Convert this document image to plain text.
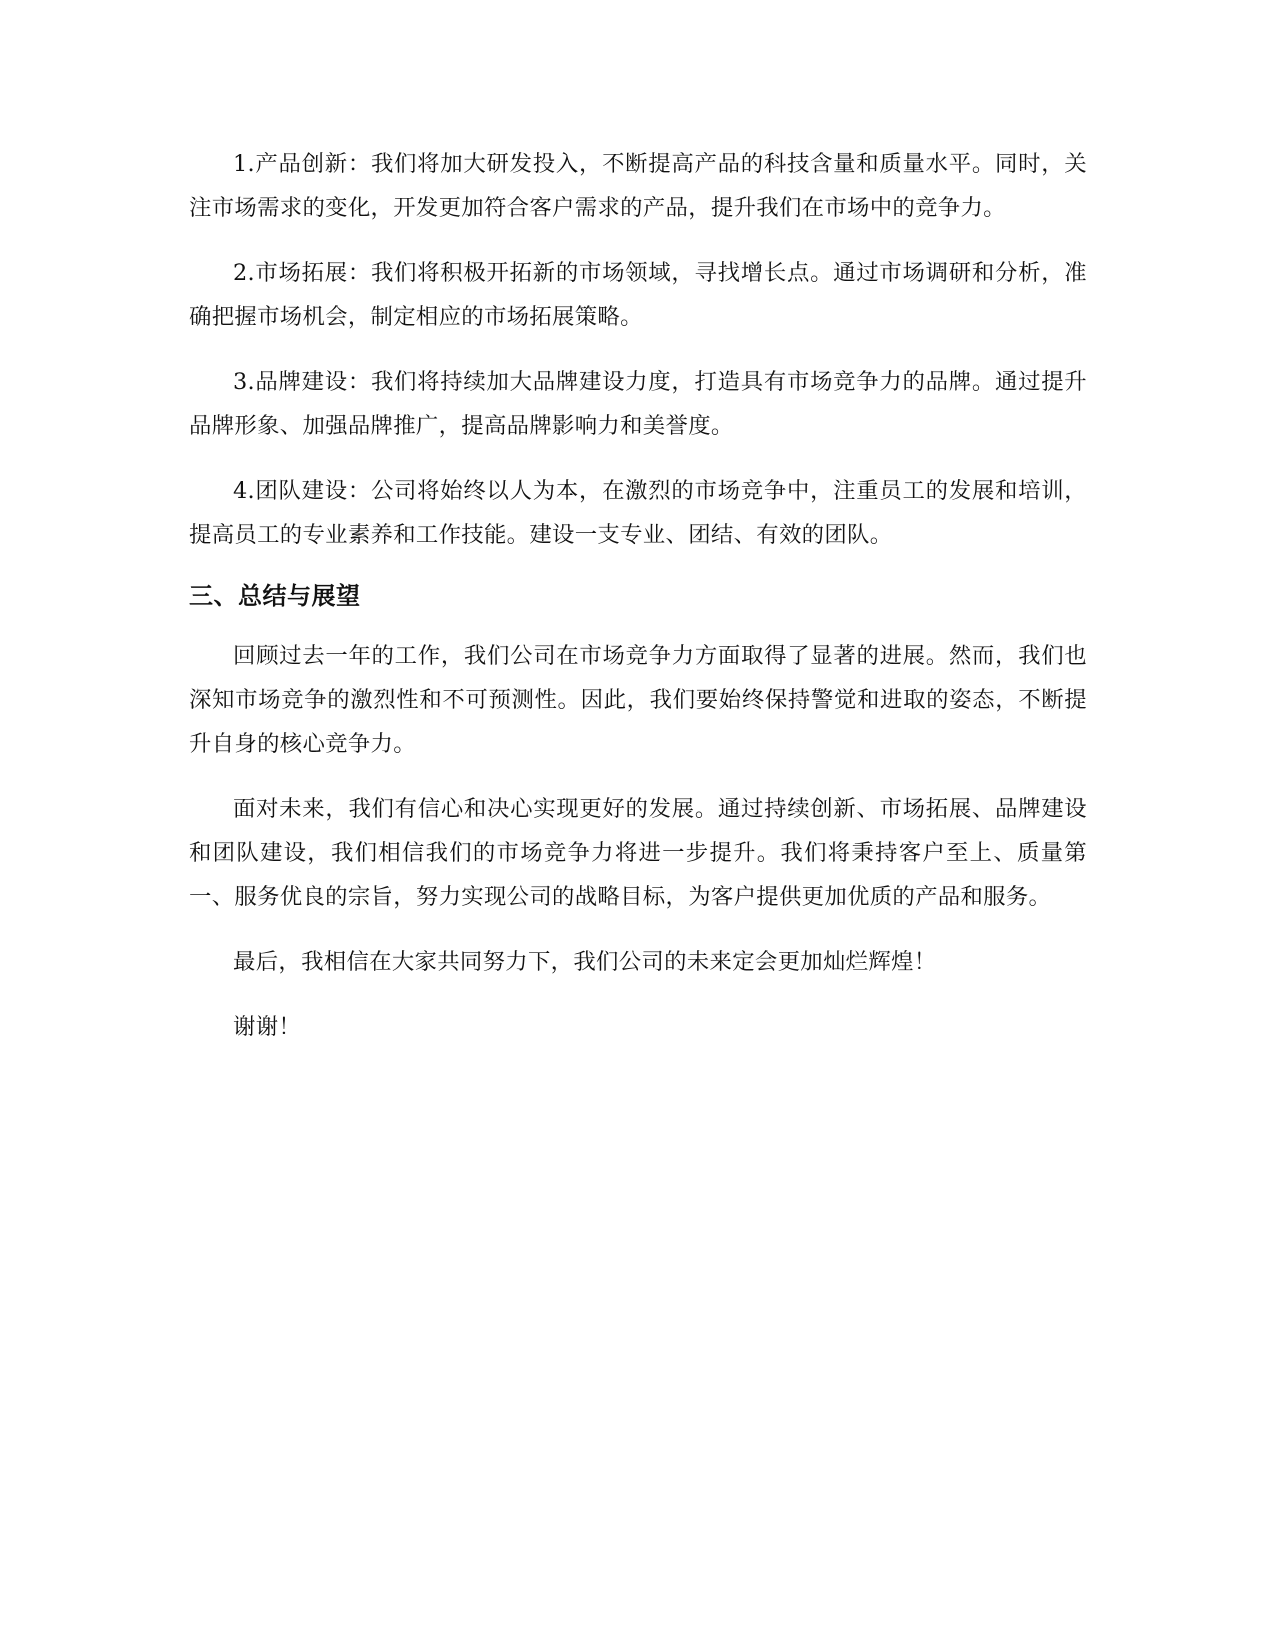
1.产品创新：我们将加大研发投入，不断提高产品的科技含量和质量水平。同时，关注市场需求的变化，开发更加符合客户需求的产品，提升我们在市场中的竞争力。

2.市场拓展：我们将积极开拓新的市场领域，寻找增长点。通过市场调研和分析，准确把握市场机会，制定相应的市场拓展策略。

3.品牌建设：我们将持续加大品牌建设力度，打造具有市场竞争力的品牌。通过提升品牌形象、加强品牌推广，提高品牌影响力和美誉度。

4.团队建设：公司将始终以人为本，在激烈的市场竞争中，注重员工的发展和培训，提高员工的专业素养和工作技能。建设一支专业、团结、有效的团队。

三、总结与展望

回顾过去一年的工作，我们公司在市场竞争力方面取得了显著的进展。然而，我们也深知市场竞争的激烈性和不可预测性。因此，我们要始终保持警觉和进取的姿态，不断提升自身的核心竞争力。

面对未来，我们有信心和决心实现更好的发展。通过持续创新、市场拓展、品牌建设和团队建设，我们相信我们的市场竞争力将进一步提升。我们将秉持客户至上、质量第一、服务优良的宗旨，努力实现公司的战略目标，为客户提供更加优质的产品和服务。

最后，我相信在大家共同努力下，我们公司的未来定会更加灿烂辉煌！

谢谢！
